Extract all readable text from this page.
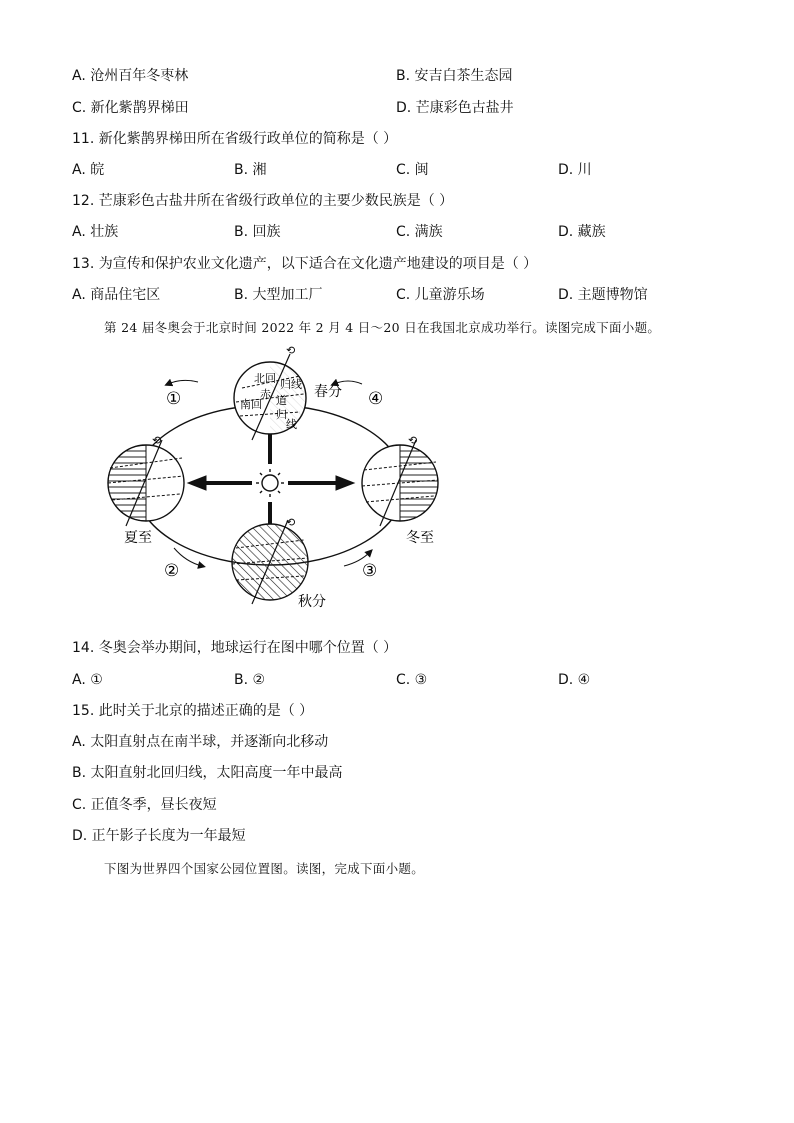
A. 沧州百年冬枣林	B. 安吉白茶生态园
C. 新化紫鹊界梯田	D. 芒康彩色古盐井
11. 新化紫鹊界梯田所在省级行政单位的简称是（ ）
A. 皖	B. 湘	C. 闽	D. 川
12. 芒康彩色古盐井所在省级行政单位的主要少数民族是（ ）
A. 壮族	B. 回族	C. 满族	D. 藏族
13. 为宣传和保护农业文化遗产，以下适合在文化遗产地建设的项目是（ ）
A. 商品住宅区	B. 大型加工厂	C. 儿童游乐场	D. 主题博物馆
第 24 届冬奥会于北京时间 2022 年 2 月 4 日～20 日在我国北京成功举行。读图完成下面小题。
⟲
北回 归线
赤 道
南回
归
线
⟲	⟲
⟲
春分
夏至
秋分
冬至
①	④
②	③
14. 冬奥会举办期间，地球运行在图中哪个位置（ ）
A. ①	B. ②	C. ③	D. ④
15. 此时关于北京的描述正确的是（ ）
A. 太阳直射点在南半球，并逐渐向北移动
B. 太阳直射北回归线，太阳高度一年中最高
C. 正值冬季，昼长夜短
D. 正午影子长度为一年最短
下图为世界四个国家公园位置图。读图，完成下面小题。
